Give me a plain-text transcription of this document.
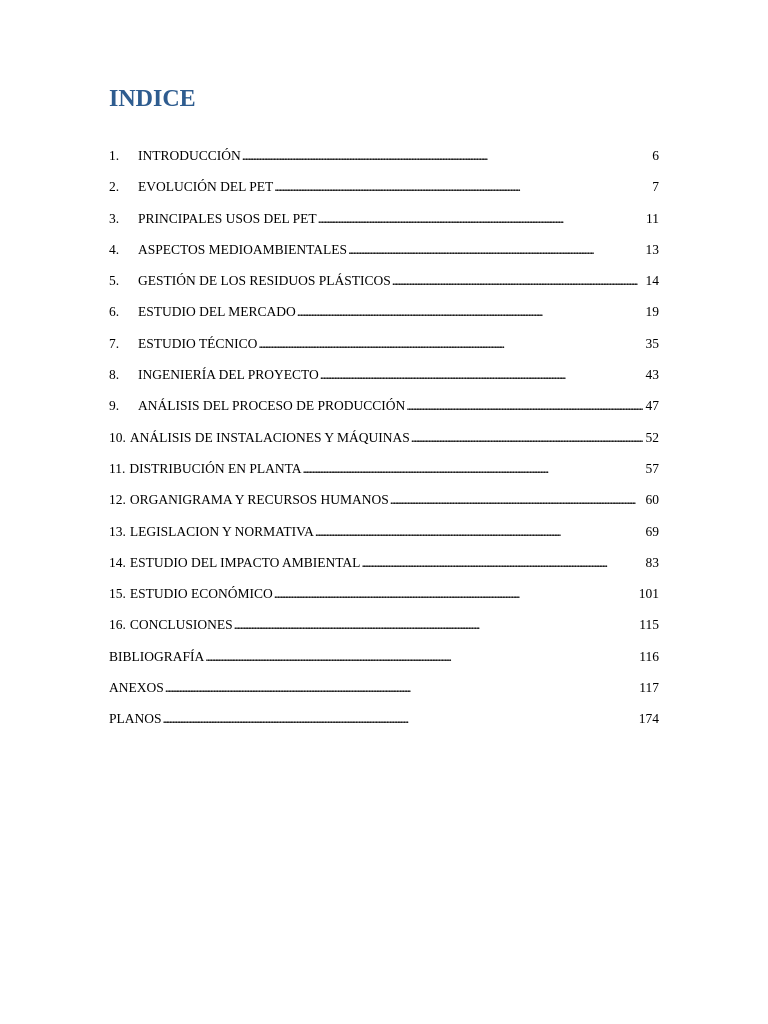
INDICE
1.	INTRODUCCIÓN . . .	6
2.	EVOLUCIÓN DEL PET . . .	7
3.	PRINCIPALES USOS DEL PET . . .	11
4.	ASPECTOS MEDIOAMBIENTALES . . .	13
5.	GESTIÓN DE LOS RESIDUOS PLÁSTICOS . . .	14
6.	ESTUDIO DEL MERCADO . . .	19
7.	ESTUDIO TÉCNICO . . .	35
8.	INGENIERÍA DEL PROYECTO . . .	43
9.	ANÁLISIS DEL PROCESO DE PRODUCCIÓN . . .	47
10. ANÁLISIS DE INSTALACIONES Y MÁQUINAS . . .	52
11. DISTRIBUCIÓN EN PLANTA . . .	57
12. ORGANIGRAMA Y RECURSOS HUMANOS . . .	60
13. LEGISLACION Y NORMATIVA . . .	69
14. ESTUDIO DEL IMPACTO AMBIENTAL . . .	83
15. ESTUDIO ECONÓMICO . . .	101
16. CONCLUSIONES . . .	115
BIBLIOGRAFÍA . . .	116
ANEXOS . . .	117
PLANOS . . .	174
